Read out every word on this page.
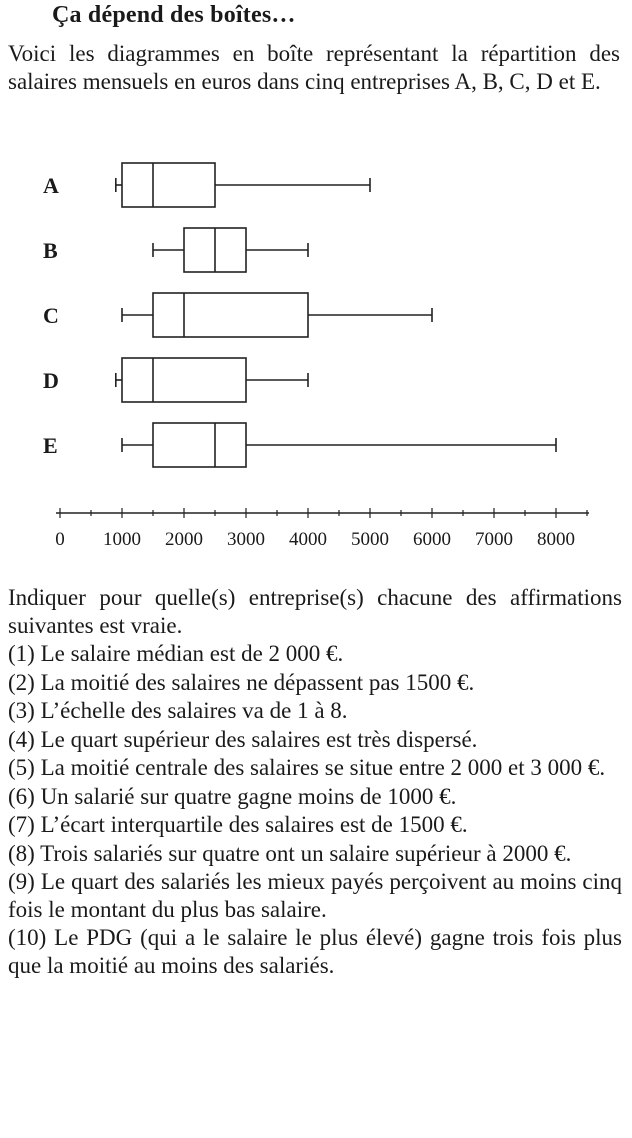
Ça dépend des boîtes…

Voici les diagrammes en boîte représentant la répartition des salaires mensuels en euros dans cinq entreprises A, B, C, D et E.

A
B
C
D
E
0 1000 2000 3000 4000 5000 6000 7000 8000

Indiquer pour quelle(s) entreprise(s) chacune des affirmations suivantes est vraie.

(1) Le salaire médian est de 2 000 €.

(2) La moitié des salaires ne dépassent pas 1500 €.

(3) L’échelle des salaires va de 1 à 8.

(4) Le quart supérieur des salaires est très dispersé.

(5) La moitié centrale des salaires se situe entre 2 000 et 3 000 €.

(6) Un salarié sur quatre gagne moins de 1000 €.

(7) L’écart interquartile des salaires est de 1500 €.

(8) Trois salariés sur quatre ont un salaire supérieur à 2000 €.

(9) Le quart des salariés les mieux payés perçoivent au moins cinq fois le montant du plus bas salaire.

(10) Le PDG (qui a le salaire le plus élevé) gagne trois fois plus que la moitié au moins des salariés.
